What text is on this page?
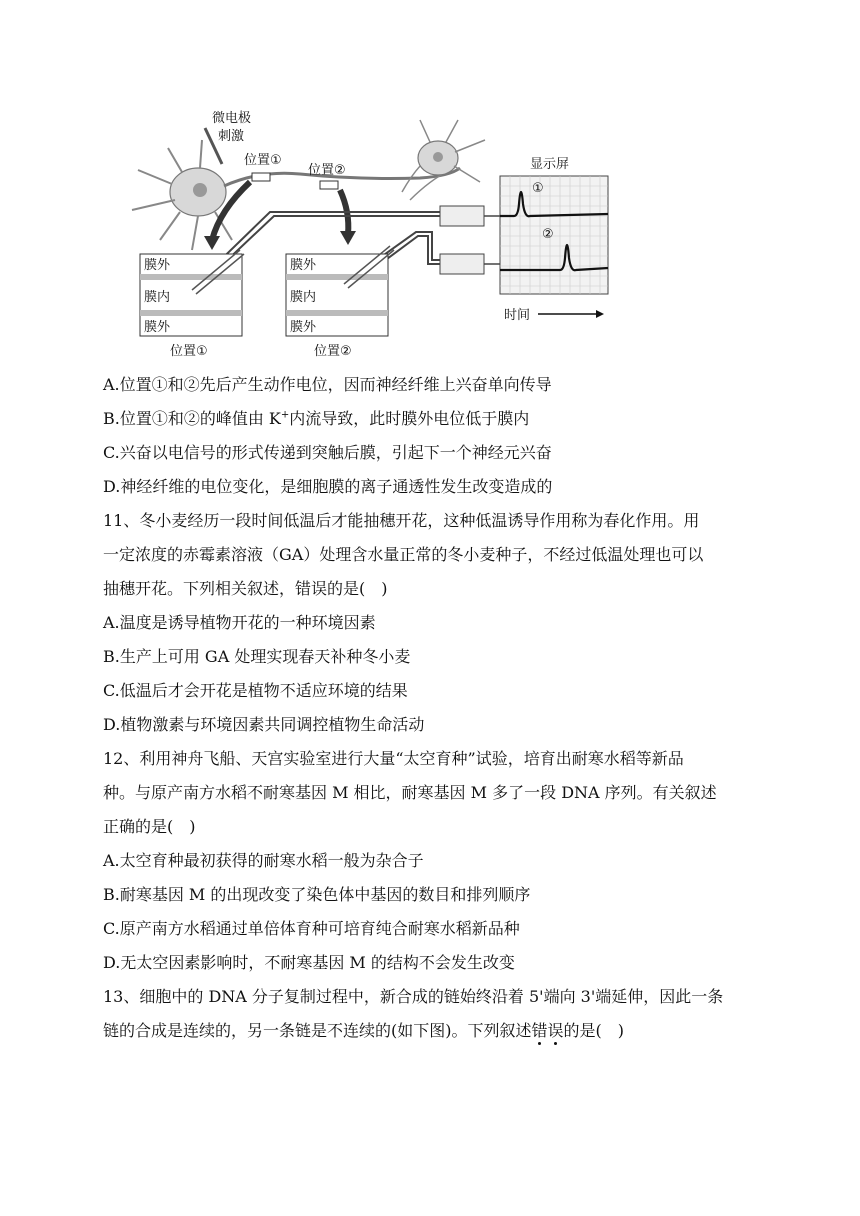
微电极
刺激
位置①
位置②	显示屏
①
②
时间
膜外
膜内
膜外
位置①
膜外
膜内
膜外
位置②
A.位置①和②先后产生动作电位，因而神经纤维上兴奋单向传导
B.位置①和②的峰值由 K+内流导致，此时膜外电位低于膜内
C.兴奋以电信号的形式传递到突触后膜，引起下一个神经元兴奋
D.神经纤维的电位变化，是细胞膜的离子通透性发生改变造成的
11、冬小麦经历一段时间低温后才能抽穗开花，这种低温诱导作用称为春化作用。用
一定浓度的赤霉素溶液（GA）处理含水量正常的冬小麦种子，不经过低温处理也可以
抽穗开花。下列相关叙述，错误的是(　)
A.温度是诱导植物开花的一种环境因素
B.生产上可用 GA 处理实现春天补种冬小麦
C.低温后才会开花是植物不适应环境的结果
D.植物激素与环境因素共同调控植物生命活动
12、利用神舟飞船、天宫实验室进行大量“太空育种”试验，培育出耐寒水稻等新品
种。与原产南方水稻不耐寒基因 M 相比，耐寒基因 M 多了一段 DNA 序列。有关叙述
正确的是(　)
A.太空育种最初获得的耐寒水稻一般为杂合子
B.耐寒基因 M 的出现改变了染色体中基因的数目和排列顺序
C.原产南方水稻通过单倍体育种可培育纯合耐寒水稻新品种
D.无太空因素影响时，不耐寒基因 M 的结构不会发生改变
13、细胞中的 DNA 分子复制过程中，新合成的链始终沿着 5'端向 3'端延伸，因此一条
链的合成是连续的，另一条链是不连续的(如下图)。下列叙述错误的是(　)
